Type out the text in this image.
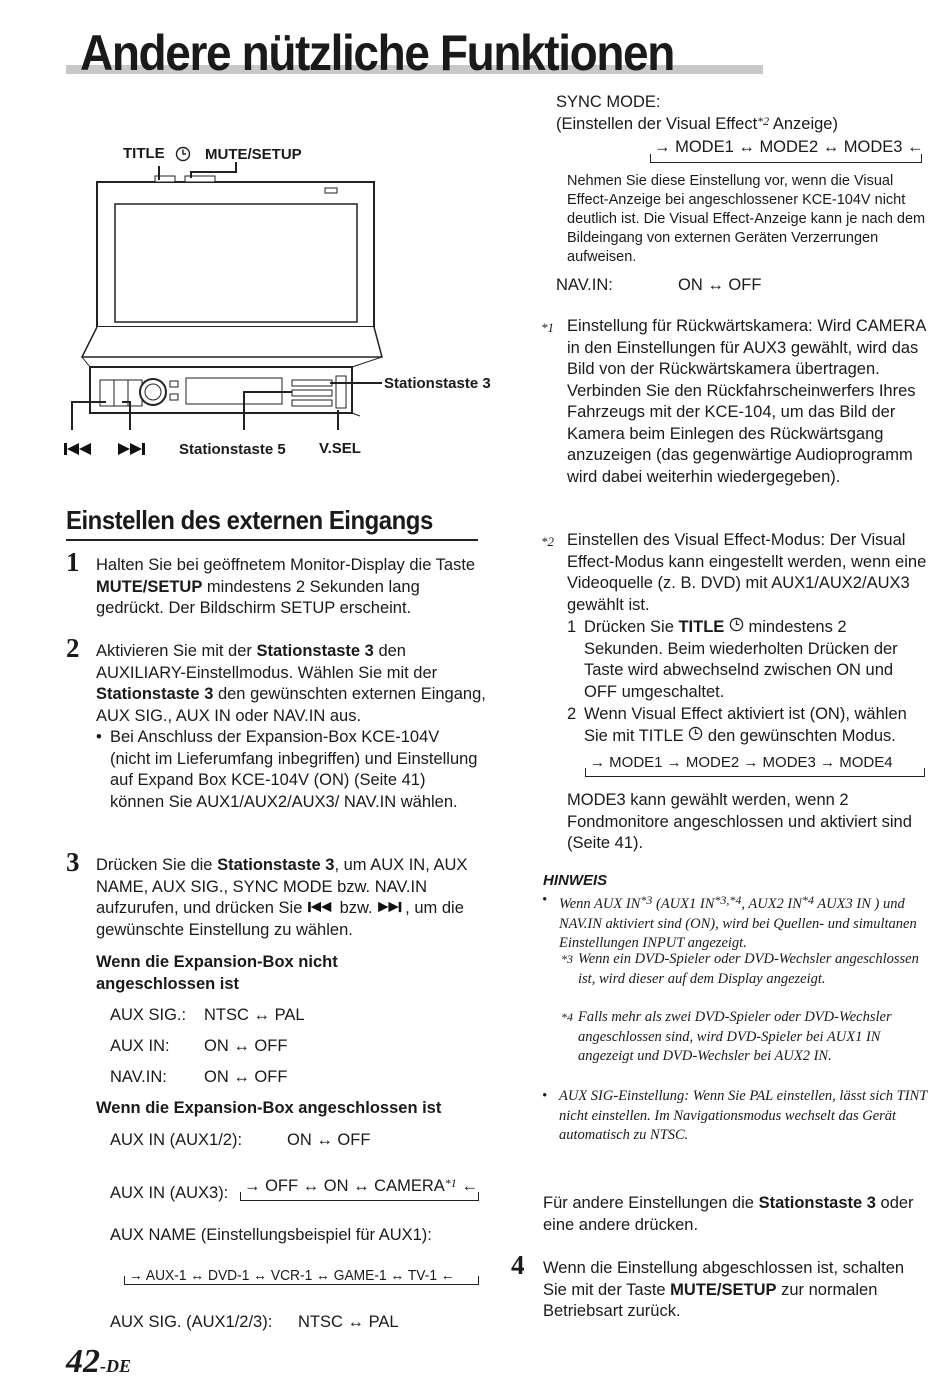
Andere nützliche Funktionen
TITLE	MUTE/SETUP
Stationstaste 3
Stationstaste 5 V.SEL
Einstellen des externen Eingangs
1 Halten Sie bei geöffnetem Monitor-Display die Taste MUTE/SETUP mindestens 2 Sekunden lang gedrückt. Der Bildschirm SETUP erscheint.
2 Aktivieren Sie mit der Stationstaste 3 den AUXILIARY-Einstellmodus. Wählen Sie mit der Stationstaste 3 den gewünschten externen Eingang, AUX SIG., AUX IN oder NAV.IN aus.
• Bei Anschluss der Expansion-Box KCE-104V (nicht im Lieferumfang inbegriffen) und Einstellung auf Expand Box KCE-104V (ON) (Seite 41) können Sie AUX1/AUX2/AUX3/ NAV.IN wählen.
3 Drücken Sie die Stationstaste 3, um AUX IN, AUX NAME, AUX SIG., SYNC MODE bzw. NAV.IN aufzurufen, und drücken Sie  bzw. , um die gewünschte Einstellung zu wählen.
Wenn die Expansion-Box nicht angeschlossen ist
AUX SIG.: NTSC ↔ PAL
AUX IN: ON ↔ OFF
NAV.IN: ON ↔ OFF
Wenn die Expansion-Box angeschlossen ist
AUX IN (AUX1/2):	ON ↔ OFF
AUX IN (AUX3): → OFF ↔ ON ↔ CAMERA$^{*1}$ ←
AUX NAME (Einstellungsbeispiel für AUX1):
→ AUX-1 ↔ DVD-1 ↔ VCR-1 ↔ GAME-1 ↔ TV-1 ←
AUX SIG. (AUX1/2/3): NTSC ↔ PAL
SYNC MODE:
(Einstellen der Visual Effect$^{*2}$ Anzeige)
→ MODE1 ↔ MODE2 ↔ MODE3 ←
Nehmen Sie diese Einstellung vor, wenn die Visual Effect-Anzeige bei angeschlossener KCE-104V nicht deutlich ist. Die Visual Effect-Anzeige kann je nach dem Bildeingang von externen Geräten Verzerrungen aufweisen.
NAV.IN:	ON ↔ OFF
*1 Einstellung für Rückwärtskamera: Wird CAMERA in den Einstellungen für AUX3 gewählt, wird das Bild von der Rückwärtskamera übertragen. Verbinden Sie den Rückfahrscheinwerfers Ihres Fahrzeugs mit der KCE-104, um das Bild der Kamera beim Einlegen des Rückwärtsgang anzuzeigen (das gegenwärtige Audioprogramm wird dabei weiterhin wiedergegeben).
*2 Einstellen des Visual Effect-Modus: Der Visual Effect-Modus kann eingestellt werden, wenn eine Videoquelle (z. B. DVD) mit AUX1/AUX2/AUX3 gewählt ist.
1 Drücken Sie TITLE  mindestens 2 Sekunden. Beim wiederholten Drücken der Taste wird abwechselnd zwischen ON und OFF umgeschaltet.
2 Wenn Visual Effect aktiviert ist (ON), wählen Sie mit TITLE  den gewünschten Modus.
→ MODE1 → MODE2 → MODE3 → MODE4
MODE3 kann gewählt werden, wenn 2 Fondmonitore angeschlossen und aktiviert sind (Seite 41).
HINWEIS
• Wenn AUX IN$^{*3}$ (AUX1 $IN^{*3,*4}$, AUX2 IN$^{*4}$ AUX3 IN ) und NAV.IN aktiviert sind (ON), wird bei Quellen- und simultanen Einstellungen INPUT angezeigt.
$^{*3}$ Wenn ein DVD-Spieler oder DVD-Wechsler angeschlossen ist, wird dieser auf dem Display angezeigt.
$^{*4}$ Falls mehr als zwei DVD-Spieler oder DVD-Wechsler angeschlossen sind, wird DVD-Spieler bei AUX1 IN angezeigt und DVD-Wechsler bei AUX2 IN.
• AUX SIG-Einstellung: Wenn Sie PAL einstellen, lässt sich TINT nicht einstellen. Im Navigationsmodus wechselt das Gerät automatisch zu NTSC.
Für andere Einstellungen die Stationstaste 3 oder eine andere drücken.
4 Wenn die Einstellung abgeschlossen ist, schalten Sie mit der Taste MUTE/SETUP zur normalen Betriebsart zurück.
42-DE
